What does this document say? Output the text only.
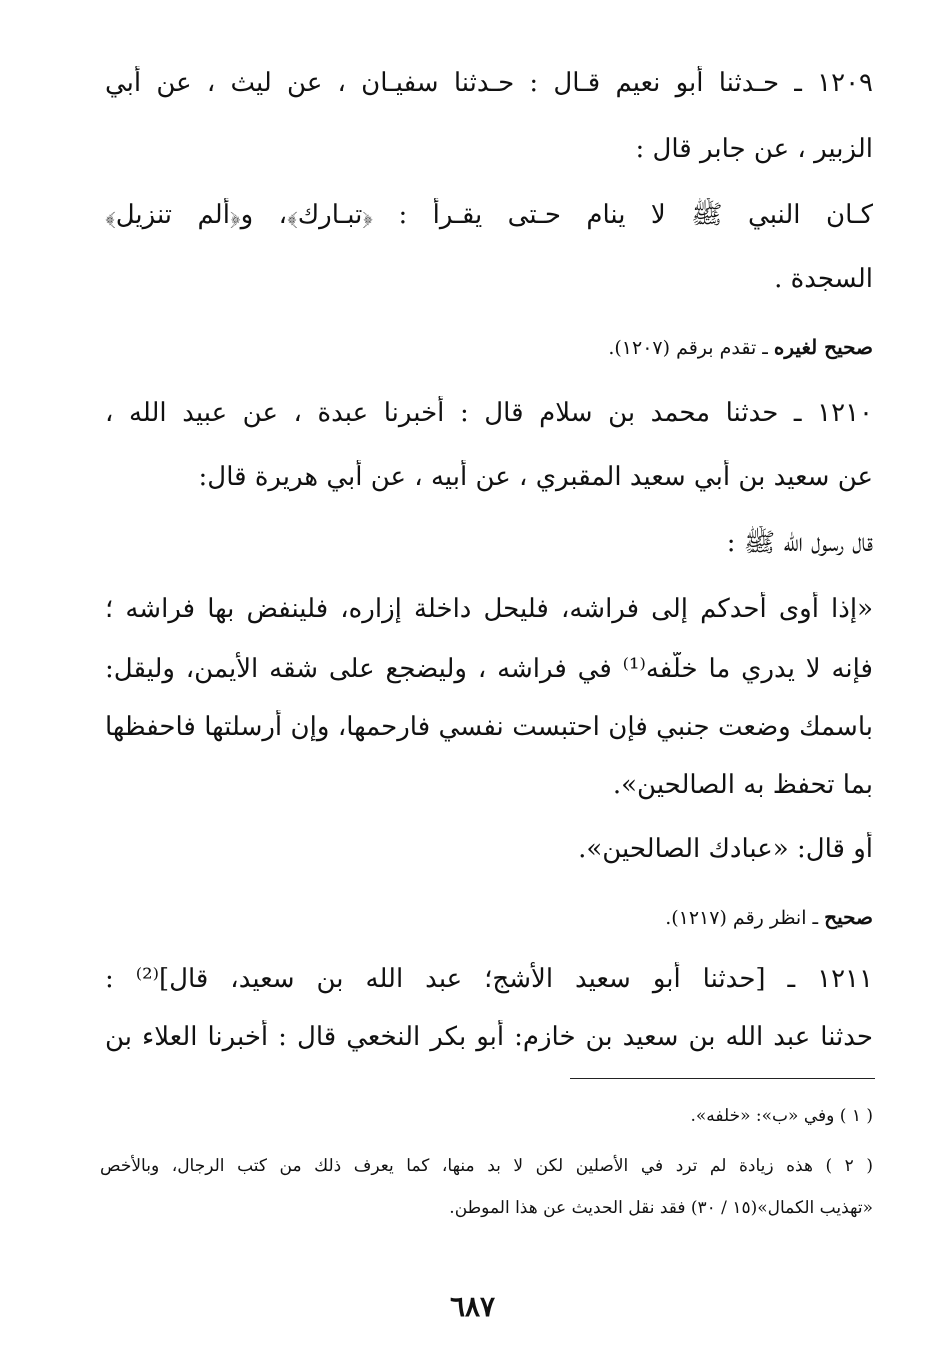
١٢٠٩ ـ حـدثنا أبو نعيم قـال : حـدثنا سفيـان ، عن ليث ، عن أبي
الزبير ، عن جابر قال :
كـان النبي ﷺ لا ينام حـتى يقـرأ : ﴿تبـارك﴾، و﴿ألم تنزيل﴾
السجدة .
صحيح لغيره ـ تقدم برقم (١٢٠٧).
١٢١٠ ـ حدثنا محمد بن سلام قال : أخبرنا عبدة ، عن عبيد الله ،
عن سعيد بن أبي سعيد المقبري ، عن أبيه ، عن أبي هريرة قال:
قال رسول الله ﷺ :
«إذا أوى أحدكم إلى فراشه، فليحل داخلة إزاره، فلينفض بها فراشه ؛
فإنه لا يدري ما خلّفه⁽¹⁾ في فراشه ، وليضجع على شقه الأيمن، وليقل:
باسمك وضعت جنبي فإن احتبست نفسي فارحمها، وإن أرسلتها فاحفظها
بما تحفظ به الصالحين».
أو قال: «عبادك الصالحين».
صحيح ـ انظر رقم (١٢١٧).
١٢١١ ـ [حدثنا أبو سعيد الأشج؛ عبد الله بن سعيد، قال]⁽²⁾ :
حدثنا عبد الله بن سعيد بن خازم: أبو بكر النخعي قال : أخبرنا العلاء بن
( ١ ) وفي «ب»: «خلفه».
( ٢ ) هذه زيادة لم ترد في الأصلين لكن لا بد منها، كما يعرف ذلك من كتب الرجال، وبالأخص
«تهذيب الكمال»(١٥ / ٣٠) فقد نقل الحديث عن هذا الموطن.
٦٨٧
